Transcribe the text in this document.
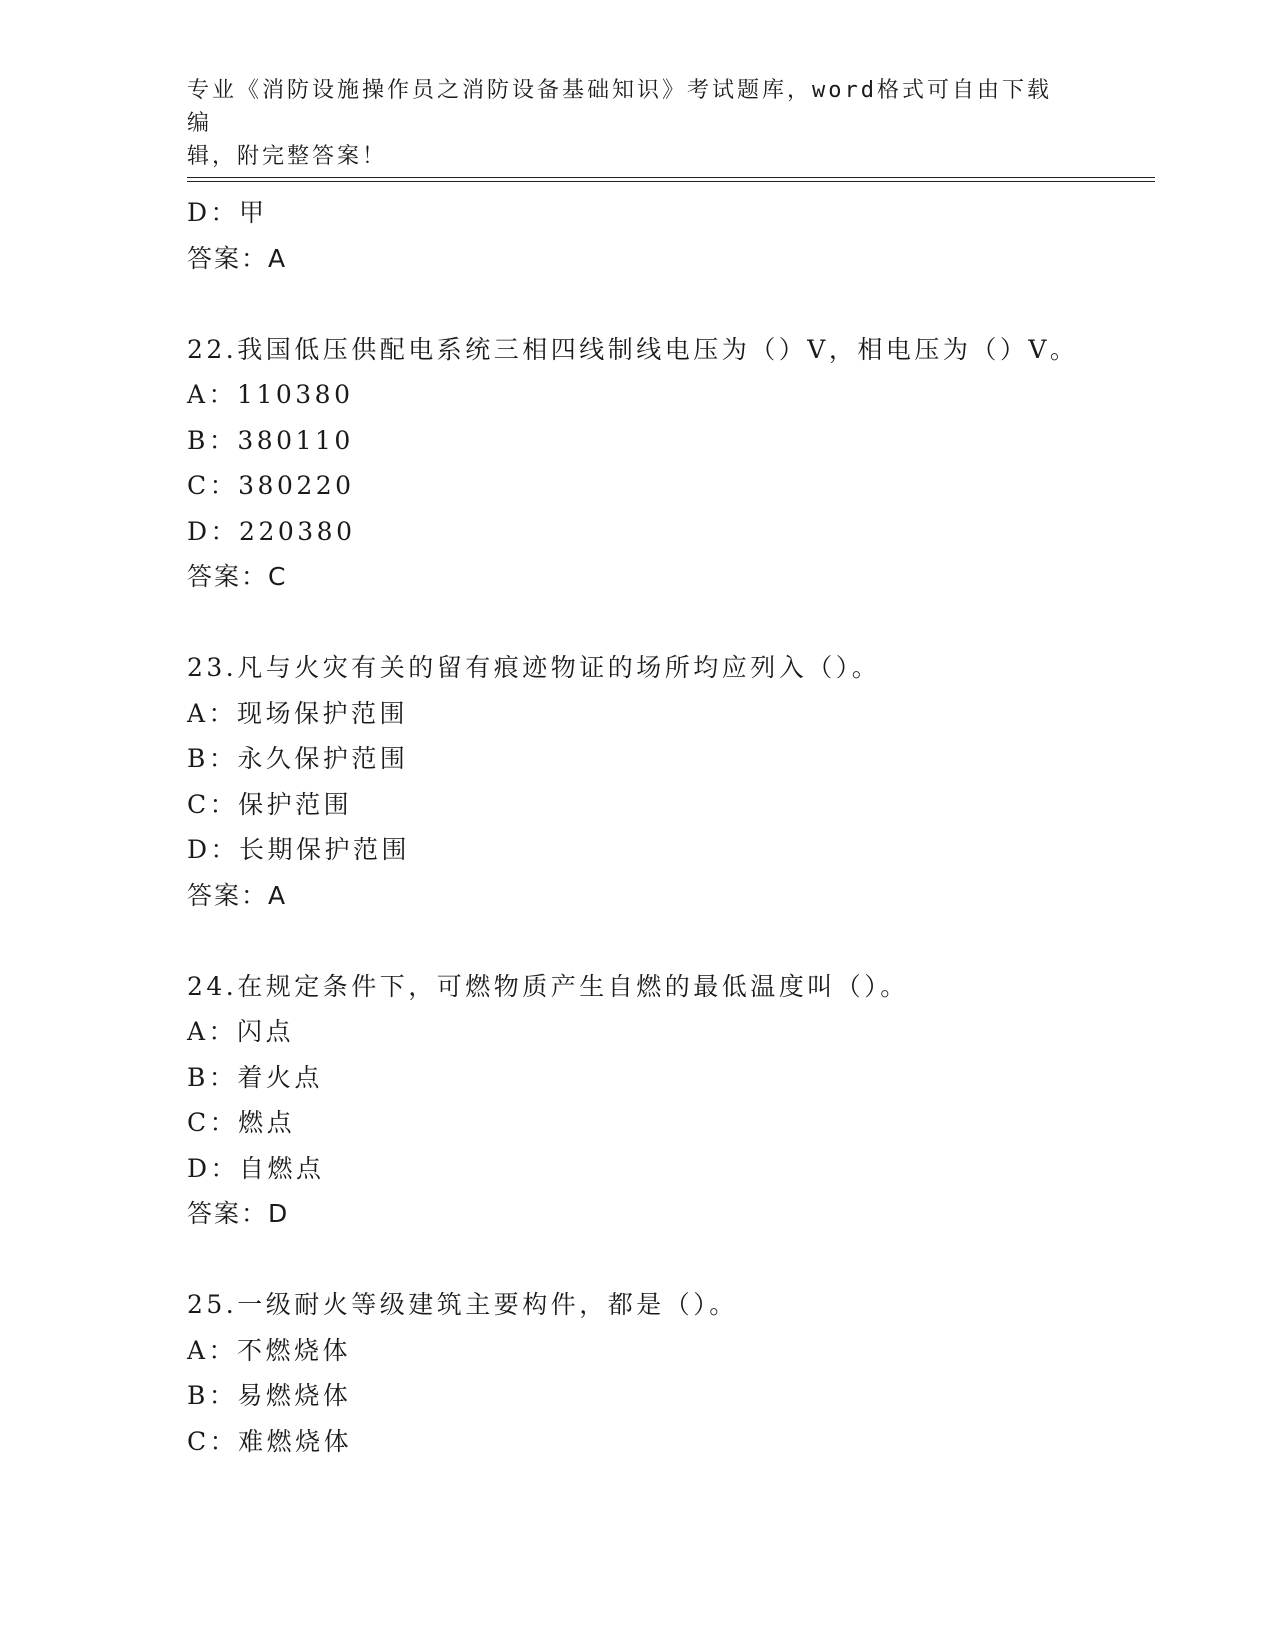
专业《消防设施操作员之消防设备基础知识》考试题库，word格式可自由下载编
辑，附完整答案！
D：甲
答案：A
22.我国低压供配电系统三相四线制线电压为（）V，相电压为（）V。
A：110380
B：380110
C：380220
D：220380
答案：C
23.凡与火灾有关的留有痕迹物证的场所均应列入（）。
A：现场保护范围
B：永久保护范围
C：保护范围
D：长期保护范围
答案：A
24.在规定条件下，可燃物质产生自燃的最低温度叫（）。
A：闪点
B：着火点
C：燃点
D：自燃点
答案：D
25.一级耐火等级建筑主要构件，都是（）。
A：不燃烧体
B：易燃烧体
C：难燃烧体
